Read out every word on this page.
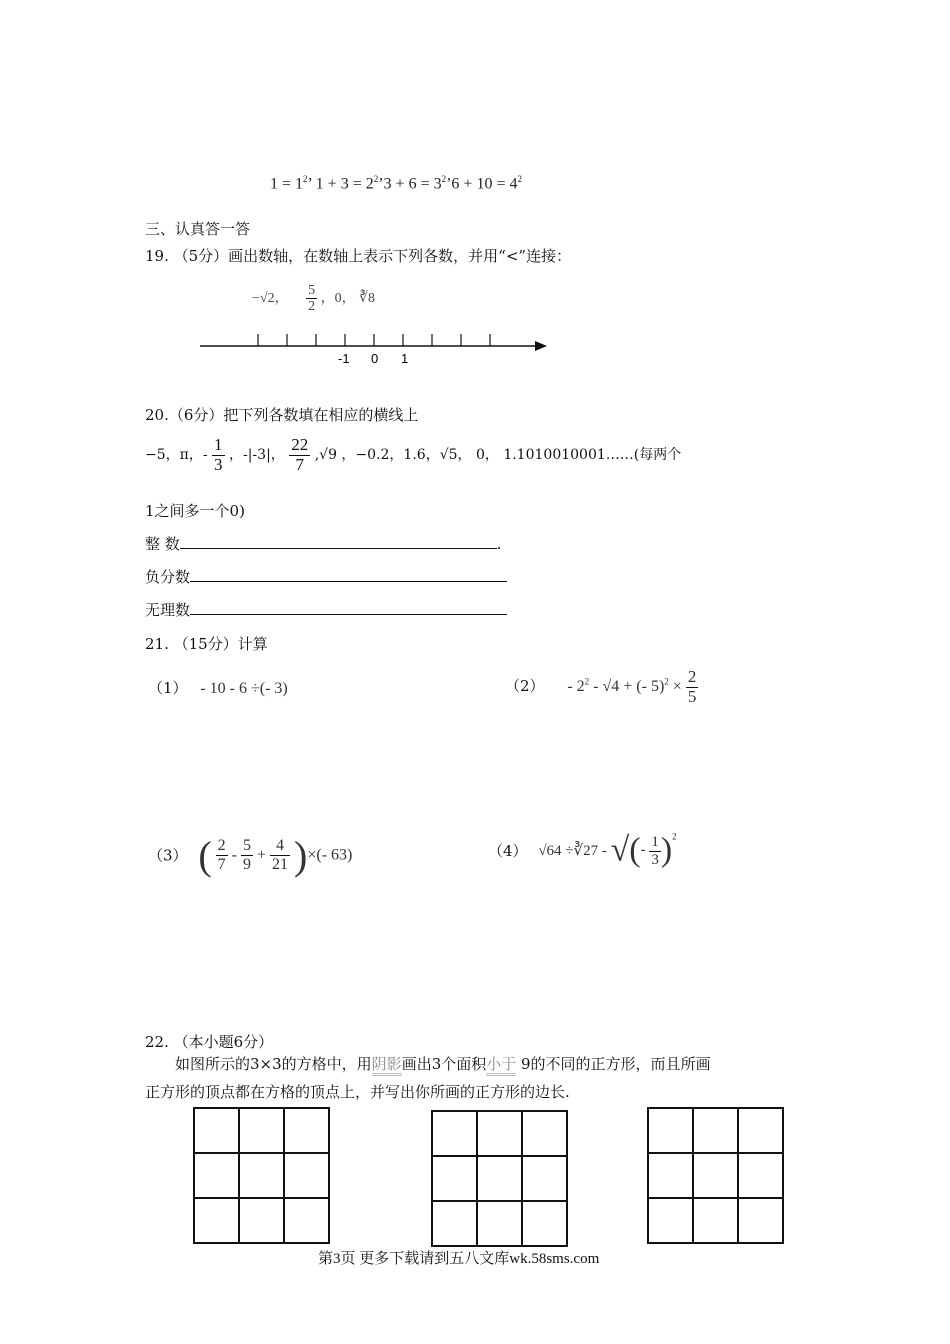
$1 = 1^2$’ $1 + 3 = 2^2’3 + 6$ = $3^2’6 + 10 = 4^2$
三、认真答一答
19. （5分）画出数轴，在数轴上表示下列各数，并用“<”连接：
−√2， $\frac{5}{2}$ ，0， ∛8
-1 0 1
20.（6分）把下列各数填在相应的横线上
−5，π，- $\frac{1}{3}$ ，-|-3|， $\frac{22}{7} ,√9$ ，−0.2，1.6，√5， 0， 1.1010010001……(每两个
1之间多一个0)
整 数	.
负分数
无理数
21. （15分）计算
（1） - 10 - 6 ÷(- 3)	$(2) - 2^2 - √4$ + (- $5)^2 \times \frac{2}{5}$
（3） ( $\frac{2}{7} - \frac{5}{9} + \frac{4}{21}$ )×(- 63)	（4） √64 ÷∛27 - √(- $\frac{1}{3} )^2$
22. （本小题6分）
如图所示的3×3的方格中，用阴影画出3个面积小于 9的不同的正方形，而且所画
正方形的顶点都在方格的顶点上，并写出你所画的正方形的边长.
第3页 更多下载请到五八文库wk.58sms.com
